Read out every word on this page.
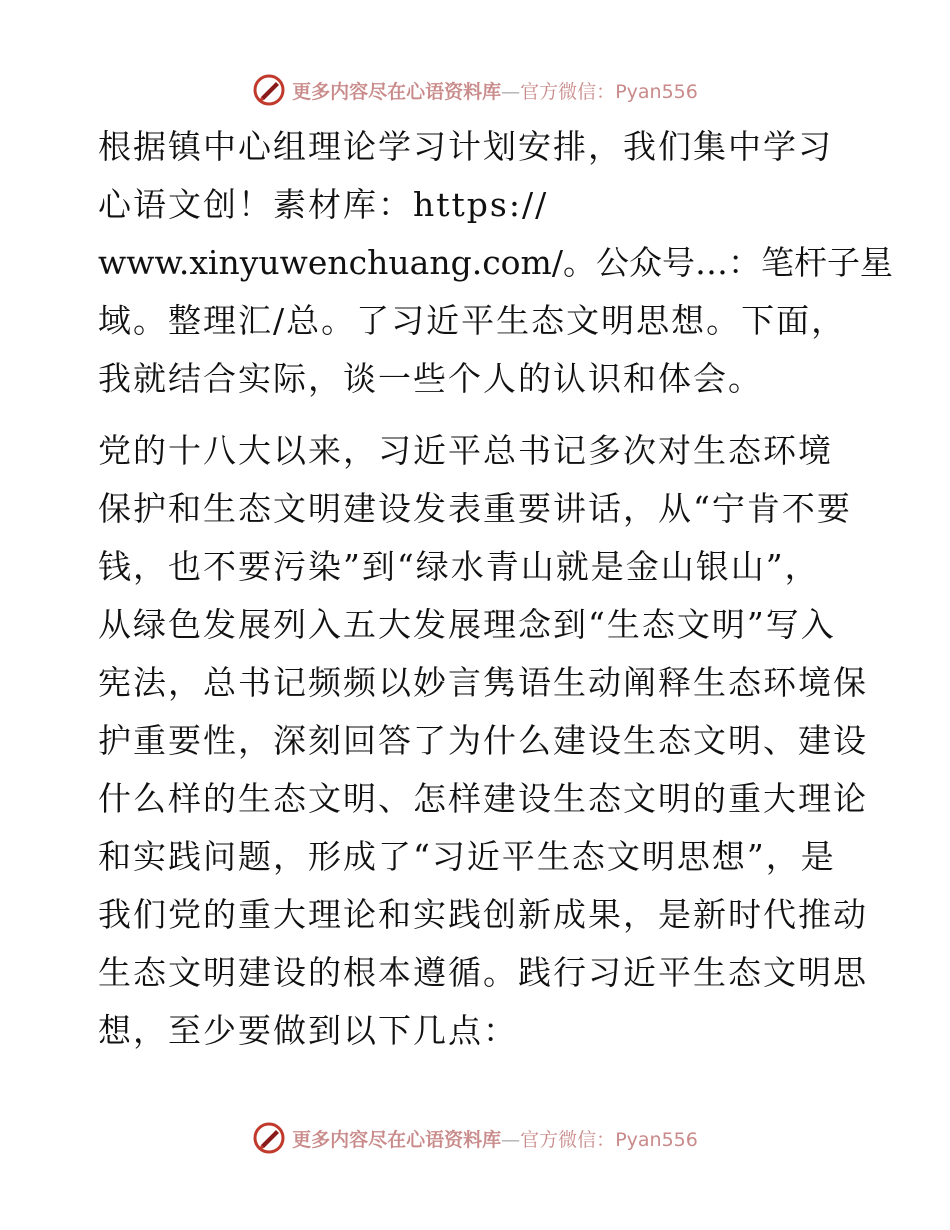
更多内容尽在心语资料库—官方微信：Pyan556

根据镇中心组理论学习计划安排，我们集中学习
心语文创！素材库：https://
www.xinyuwenchuang.com/。公众号…：笔杆子星
域。整理汇/总。了习近平生态文明思想。下面，
我就结合实际，谈一些个人的认识和体会。

党的十八大以来，习近平总书记多次对生态环境
保护和生态文明建设发表重要讲话，从“宁肯不要
钱，也不要污染”到“绿水青山就是金山银山”，
从绿色发展列入五大发展理念到“生态文明”写入
宪法，总书记频频以妙言隽语生动阐释生态环境保
护重要性，深刻回答了为什么建设生态文明、建设
什么样的生态文明、怎样建设生态文明的重大理论
和实践问题，形成了“习近平生态文明思想”，是
我们党的重大理论和实践创新成果，是新时代推动
生态文明建设的根本遵循。践行习近平生态文明思
想，至少要做到以下几点：

更多内容尽在心语资料库—官方微信：Pyan556
